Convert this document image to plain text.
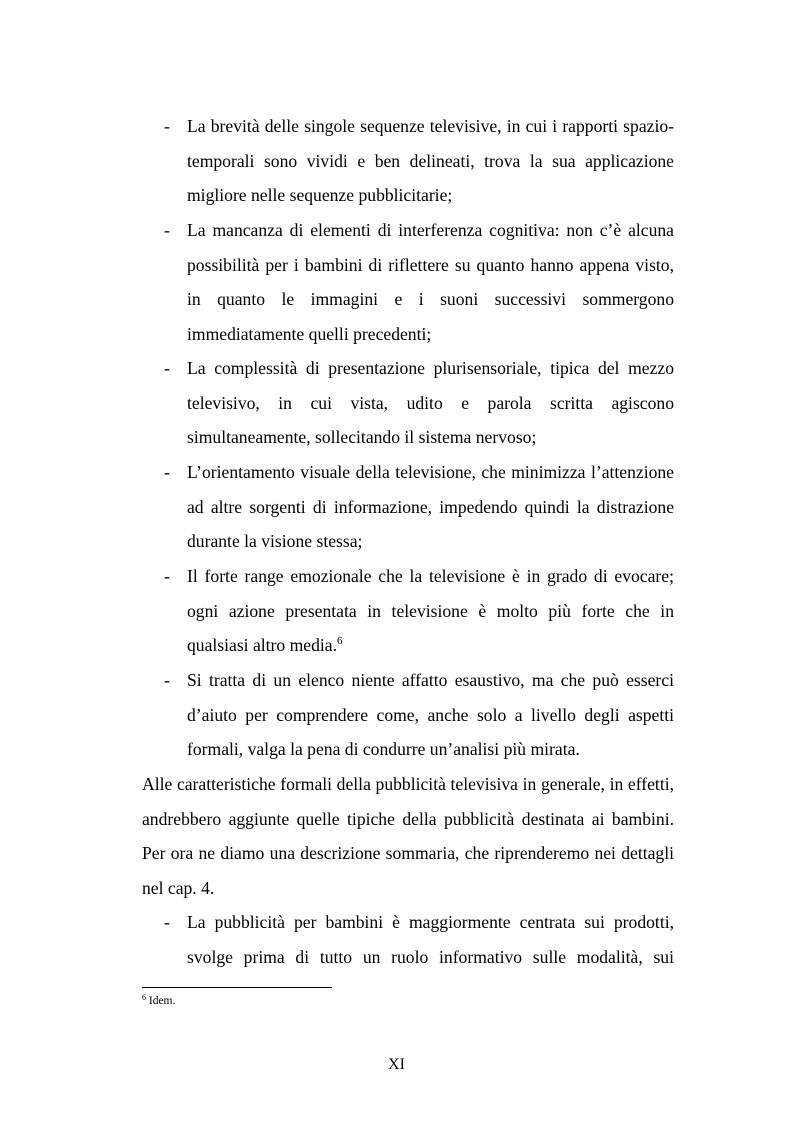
- La brevità delle singole sequenze televisive, in cui i rapporti spazio-temporali sono vividi e ben delineati, trova la sua applicazione migliore nelle sequenze pubblicitarie;
- La mancanza di elementi di interferenza cognitiva: non c’è alcuna possibilità per i bambini di riflettere su quanto hanno appena visto, in quanto le immagini e i suoni successivi sommergono immediatamente quelli precedenti;
- La complessità di presentazione plurisensoriale, tipica del mezzo televisivo, in cui vista, udito e parola scritta agiscono simultaneamente, sollecitando il sistema nervoso;
- L’orientamento visuale della televisione, che minimizza l’attenzione ad altre sorgenti di informazione, impedendo quindi la distrazione durante la visione stessa;
- Il forte range emozionale che la televisione è in grado di evocare; ogni azione presentata in televisione è molto più forte che in qualsiasi altro media.$^6$
- Si tratta di un elenco niente affatto esaustivo, ma che può esserci d’aiuto per comprendere come, anche solo a livello degli aspetti formali, valga la pena di condurre un’analisi più mirata.
Alle caratteristiche formali della pubblicità televisiva in generale, in effetti, andrebbero aggiunte quelle tipiche della pubblicità destinata ai bambini. Per ora ne diamo una descrizione sommaria, che riprenderemo nei dettagli nel cap. 4.
- La pubblicità per bambini è maggiormente centrata sui prodotti, svolge prima di tutto un ruolo informativo sulle modalità, sui
$^6$ Idem.
XI
